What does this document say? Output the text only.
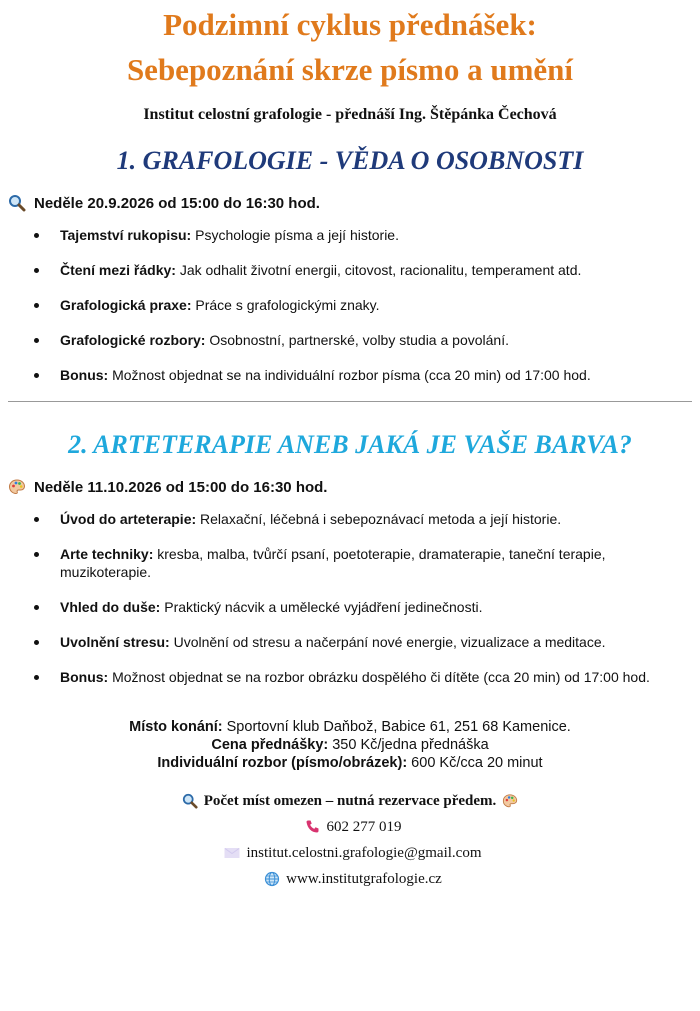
Podzimní cyklus přednášek:
Sebepoznání skrze písmo a umění

Institut celostní grafologie - přednáší Ing. Štěpánka Čechová

1. GRAFOLOGIE - VĚDA O OSOBNOSTI
Neděle 20.9.2026 od 15:00 do 16:30 hod.
Tajemství rukopisu: Psychologie písma a její historie.
Čtení mezi řádky: Jak odhalit životní energii, citovost, racionalitu, temperament atd.
Grafologická praxe: Práce s grafologickými znaky.
Grafologické rozbory: Osobnostní, partnerské, volby studia a povolání.
Bonus: Možnost objednat se na individuální rozbor písma (cca 20 min) od 17:00 hod.
2. ARTETERAPIE ANEB JAKÁ JE VAŠE BARVA?
Neděle 11.10.2026 od 15:00 do 16:30 hod.
Úvod do arteterapie: Relaxační, léčebná i sebepoznávací metoda a její historie.
Arte techniky: kresba, malba, tvůrčí psaní, poetoterapie, dramaterapie, taneční terapie, muzikoterapie.
Vhled do duše: Praktický nácvik a umělecké vyjádření jedinečnosti.
Uvolnění stresu: Uvolnění od stresu a načerpání nové energie, vizualizace a meditace.
Bonus: Možnost objednat se na rozbor obrázku dospělého či dítěte (cca 20 min) od 17:00 hod.
Místo konání: Sportovní klub Daňbož, Babice 61, 251 68 Kamenice.
Cena přednášky: 350 Kč/jedna přednáška
Individuální rozbor (písmo/obrázek): 600 Kč/cca 20 minut
Počet míst omezen – nutná rezervace předem.
602 277 019
institut.celostni.grafologie@gmail.com
www.institutgrafologie.cz
